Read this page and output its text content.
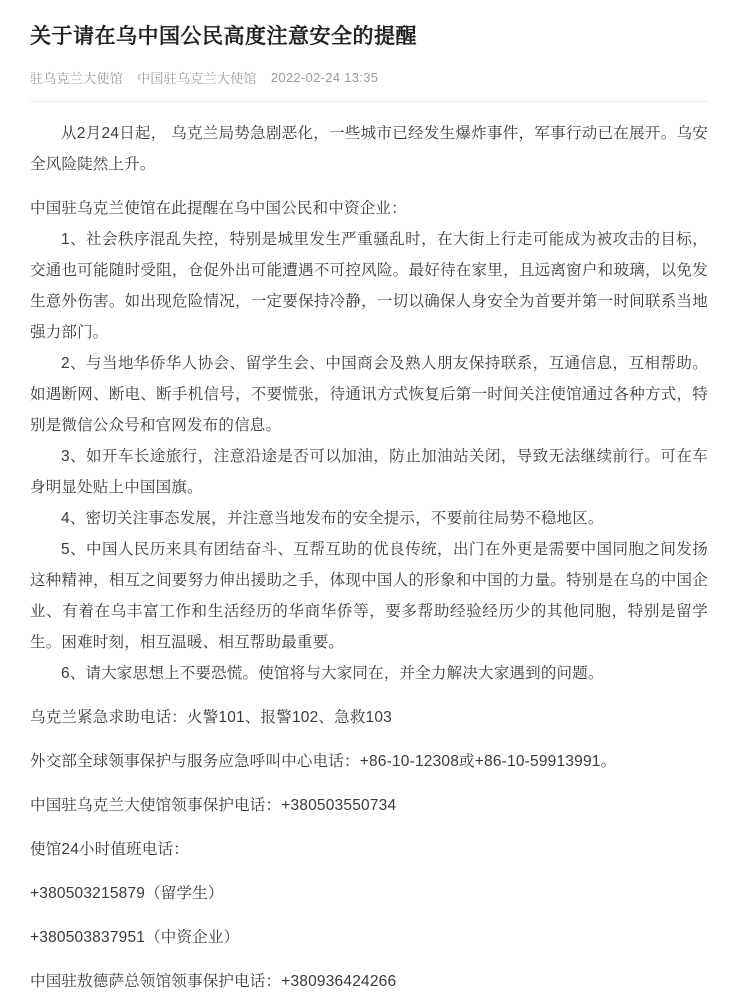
关于请在乌中国公民高度注意安全的提醒
驻乌克兰大使馆 中国驻乌克兰大使馆 2022-02-24 13:35

从2月24日起， 乌克兰局势急剧恶化，一些城市已经发生爆炸事件，军事行动已在展开。乌安全风险陡然上升。

中国驻乌克兰使馆在此提醒在乌中国公民和中资企业：

1、社会秩序混乱失控，特别是城里发生严重骚乱时，在大街上行走可能成为被攻击的目标，交通也可能随时受阻，仓促外出可能遭遇不可控风险。最好待在家里，且远离窗户和玻璃，以免发生意外伤害。如出现危险情况，一定要保持冷静，一切以确保人身安全为首要并第一时间联系当地强力部门。

2、与当地华侨华人协会、留学生会、中国商会及熟人朋友保持联系，互通信息，互相帮助。如遇断网、断电、断手机信号，不要慌张，待通讯方式恢复后第一时间关注使馆通过各种方式，特别是微信公众号和官网发布的信息。

3、如开车长途旅行，注意沿途是否可以加油，防止加油站关闭，导致无法继续前行。可在车身明显处贴上中国国旗。

4、密切关注事态发展，并注意当地发布的安全提示，不要前往局势不稳地区。

5、中国人民历来具有团结奋斗、互帮互助的优良传统，出门在外更是需要中国同胞之间发扬这种精神，相互之间要努力伸出援助之手，体现中国人的形象和中国的力量。特别是在乌的中国企业、有着在乌丰富工作和生活经历的华商华侨等，要多帮助经验经历少的其他同胞，特别是留学生。困难时刻，相互温暖、相互帮助最重要。

6、请大家思想上不要恐慌。使馆将与大家同在，并全力解决大家遇到的问题。

乌克兰紧急求助电话：火警101、报警102、急救103

外交部全球领事保护与服务应急呼叫中心电话：+86-10-12308或+86-10-59913991。

中国驻乌克兰大使馆领事保护电话：+380503550734

使馆24小时值班电话：

+380503215879（留学生）

+380503837951（中资企业）

中国驻敖德萨总领馆领事保护电话：+380936424266
